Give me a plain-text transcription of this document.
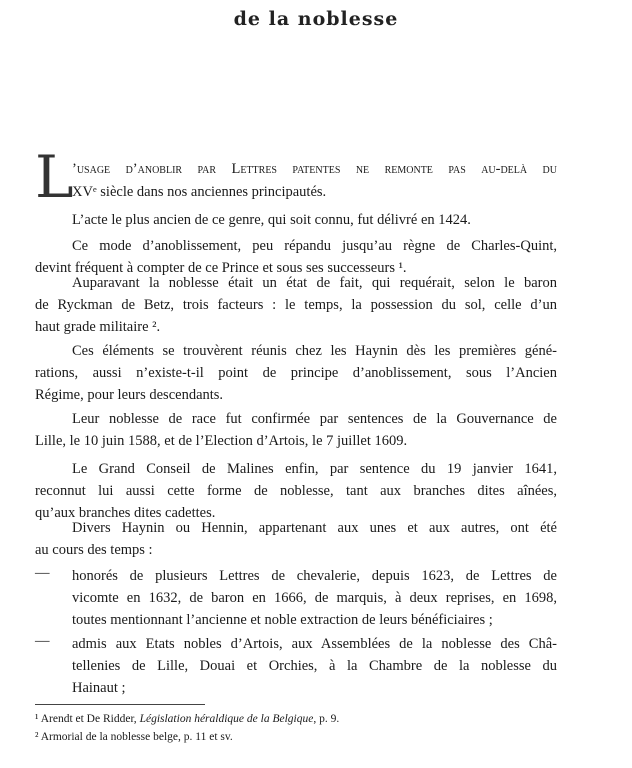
de la noblesse
L
’usage d’anoblir par Lettres patentes ne remonte pas au-delà du
XVᵉ siècle dans nos anciennes principautés.
L’acte le plus ancien de ce genre, qui soit connu, fut délivré en 1424.
Ce mode d’anoblissement, peu répandu jusqu’au règne de Charles-Quint,
devint fréquent à compter de ce Prince et sous ses successeurs ¹.
Auparavant la noblesse était un état de fait, qui requérait, selon le baron
de Ryckman de Betz, trois facteurs : le temps, la possession du sol, celle d’un
haut grade militaire ².
Ces éléments se trouvèrent réunis chez les Haynin dès les premières géné-
rations, aussi n’existe-t-il point de principe d’anoblissement, sous l’Ancien
Régime, pour leurs descendants.
Leur noblesse de race fut confirmée par sentences de la Gouvernance de
Lille, le 10 juin 1588, et de l’Election d’Artois, le 7 juillet 1609.
Le Grand Conseil de Malines enfin, par sentence du 19 janvier 1641,
reconnut lui aussi cette forme de noblesse, tant aux branches dites aînées,
qu’aux branches dites cadettes.
Divers Haynin ou Hennin, appartenant aux unes et aux autres, ont été
au cours des temps :
— honorés de plusieurs Lettres de chevalerie, depuis 1623, de Lettres de
vicomte en 1632, de baron en 1666, de marquis, à deux reprises, en 1698,
toutes mentionnant l’ancienne et noble extraction de leurs bénéficiaires ;
— admis aux Etats nobles d’Artois, aux Assemblées de la noblesse des Châ-
tellenies de Lille, Douai et Orchies, à la Chambre de la noblesse du
Hainaut ;
¹ Arendt et De Ridder, Législation héraldique de la Belgique, p. 9.
² Armorial de la noblesse belge, p. 11 et sv.
